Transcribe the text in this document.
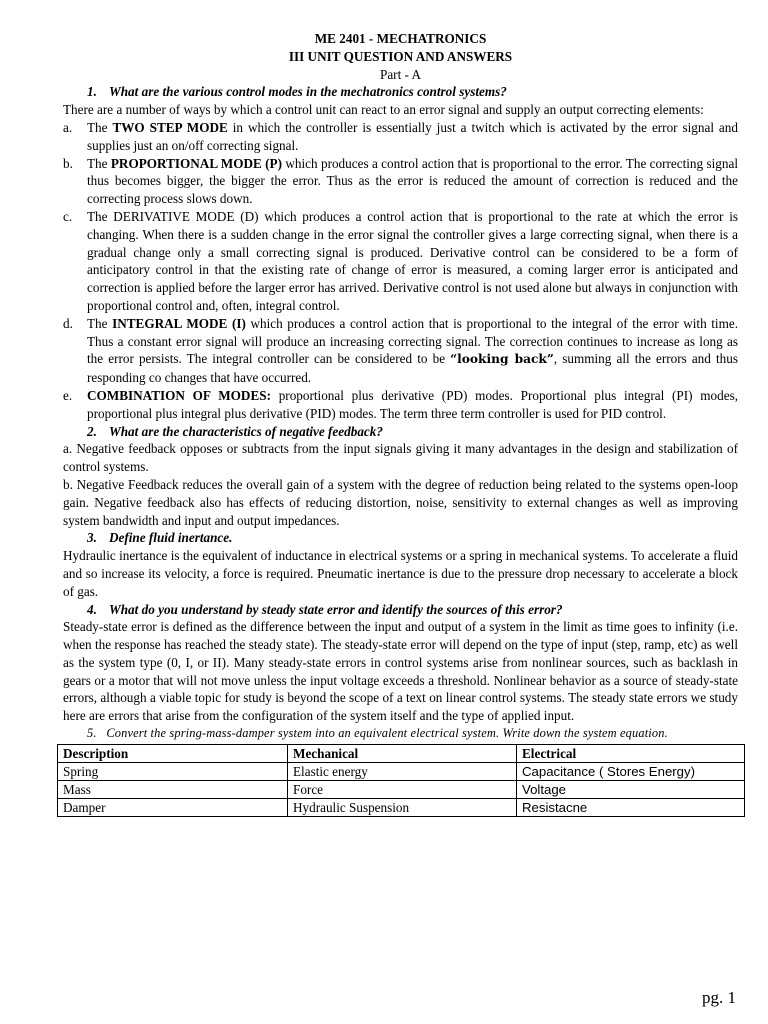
ME 2401 - MECHATRONICS

III UNIT QUESTION AND ANSWERS

Part - A

1. What are the various control modes in the mechatronics control systems?

There are a number of ways by which a control unit can react to an error signal and supply an output correcting elements:

a. The TWO STEP MODE in which the controller is essentially just a twitch which is activated by the error signal and supplies just an on/off correcting signal.

b. The PROPORTIONAL MODE (P) which produces a control action that is proportional to the error. The correcting signal thus becomes bigger, the bigger the error. Thus as the error is reduced the amount of correction is reduced and the correcting process slows down.

c. The DERIVATIVE MODE (D) which produces a control action that is proportional to the rate at which the error is changing. When there is a sudden change in the error signal the controller gives a large correcting signal, when there is a gradual change only a small correcting signal is produced. Derivative control can be considered to be a form of anticipatory control in that the existing rate of change of error is measured, a coming larger error is anticipated and correction is applied before the larger error has arrived. Derivative control is not used alone but always in conjunction with proportional control and, often, integral control.

d. The INTEGRAL MODE (I) which produces a control action that is proportional to the integral of the error with time. Thus a constant error signal will produce an increasing correcting signal. The correction continues to increase as long as the error persists. The integral controller can be considered to be “looking back”, summing all the errors and thus responding co changes that have occurred.

e. COMBINATION OF MODES: proportional plus derivative (PD) modes. Proportional plus integral (PI) modes, proportional plus integral plus derivative (PID) modes. The term three term controller is used for PID control.

2. What are the characteristics of negative feedback?

a. Negative feedback opposes or subtracts from the input signals giving it many advantages in the design and stabilization of control systems.

b. Negative Feedback reduces the overall gain of a system with the degree of reduction being related to the systems open-loop gain. Negative feedback also has effects of reducing distortion, noise, sensitivity to external changes as well as improving system bandwidth and input and output impedances.

3. Define fluid inertance.

Hydraulic inertance is the equivalent of inductance in electrical systems or a spring in mechanical systems. To accelerate a fluid and so increase its velocity, a force is required. Pneumatic inertance is due to the pressure drop necessary to accelerate a block of gas.

4. What do you understand by steady state error and identify the sources of this error?

Steady-state error is defined as the difference between the input and output of a system in the limit as time goes to infinity (i.e. when the response has reached the steady state). The steady-state error will depend on the type of input (step, ramp, etc) as well as the system type (0, I, or II). Many steady-state errors in control systems arise from nonlinear sources, such as backlash in gears or a motor that will not move unless the input voltage exceeds a threshold. Nonlinear behavior as a source of steady-state errors, although a viable topic for study is beyond the scope of a text on linear control systems. The steady state errors we study here are errors that arise from the configuration of the system itself and the type of applied input.

5. Convert the spring-mass-damper system into an equivalent electrical system. Write down the system equation.

Description	Mechanical	Electrical
Spring	Elastic energy	Capacitance ( Stores Energy)
Mass	Force	Voltage
Damper	Hydraulic Suspension	Resistacne
pg. 1
